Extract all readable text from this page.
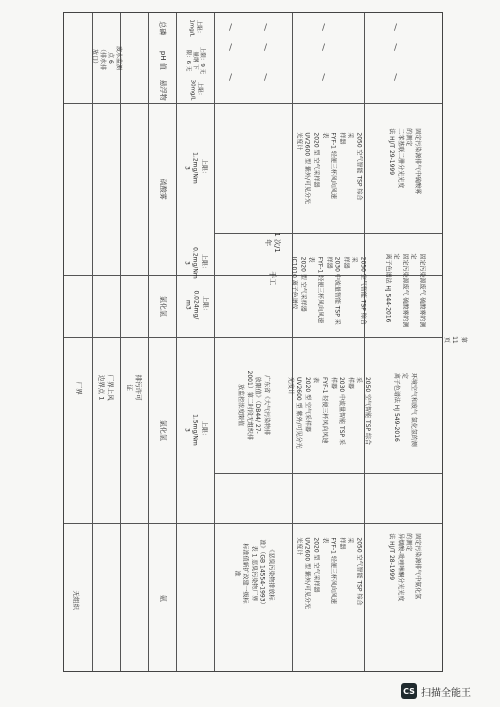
固定污染源排气中硫酸雾
的测定
二苯基联二肼分光光度
法 HJ/T 29-1999
2050 空气智能 TSP 综合采
样器
FYF-1 轻便三杯风向风速
表
2020 型 空气采样器
UV2600 型 紫外/可见分光
光度计
固定污染源废气 硫酸雾的测
定
固定污染源废气 硫酸雾的测
定
离子色谱法 HJ 544-2016
2050 空气智能 TSP 综合采
样器
2030 中流量智能 TSP 采样器
FYF-1 轻便三杯风向风速表
2020 型 空气采样器
IC1010 离子色谱仪
环境空气和废气 氯化氢的测
定
离子色谱法 HJ 549-2016
2050 空气智能 TSP 综合采
样器
2030 中流量智能 TSP 采样器
FYF-1 轻便三杯风向风速表
2020 型 空气采样器
UV2600 型 紫外/可见分光
光度计
固定污染源排气中氨化氢
的测定
异烟酸-吡唑啉酮分光光度
法 HJ/T 28-1999
2050 空气智能 TSP 综合采
样器
FYF-1 轻便三杯风向风速
表
2020 型 空气采样器
UV2600 型 紫外/可见分光
光度计
1 次/1
年
手工
/
/
/
/
/
/
/
/
/
/
/
/
上限：
1mg/L
上限：9 无
量纲 下
限：6 无
上限：
30mg/L
上限：
1.2mg/Nm
3
上限：
0.2mg/Nm
3
上限：
0.024mg/
m3
上限：
1.5mg/Nm
3	广东省《大气污染物排
放限值》（DB44/ 27-
2001）第二时段无组织排
放监控浓度限值
《恶臭污染物排放标
准》（GB 14554-1993）
表 1 恶臭污染物厂界
标准值新扩改建一级标
准
总磷
pH 值
悬浮物
硫酸雾
氯化氢
氯化氢
氨
排污许可证
废水监测
点 6
（排水排
放口）
厂界上风
边界点 1
厂界
无组织
第 11 页
CS 扫描全能王
